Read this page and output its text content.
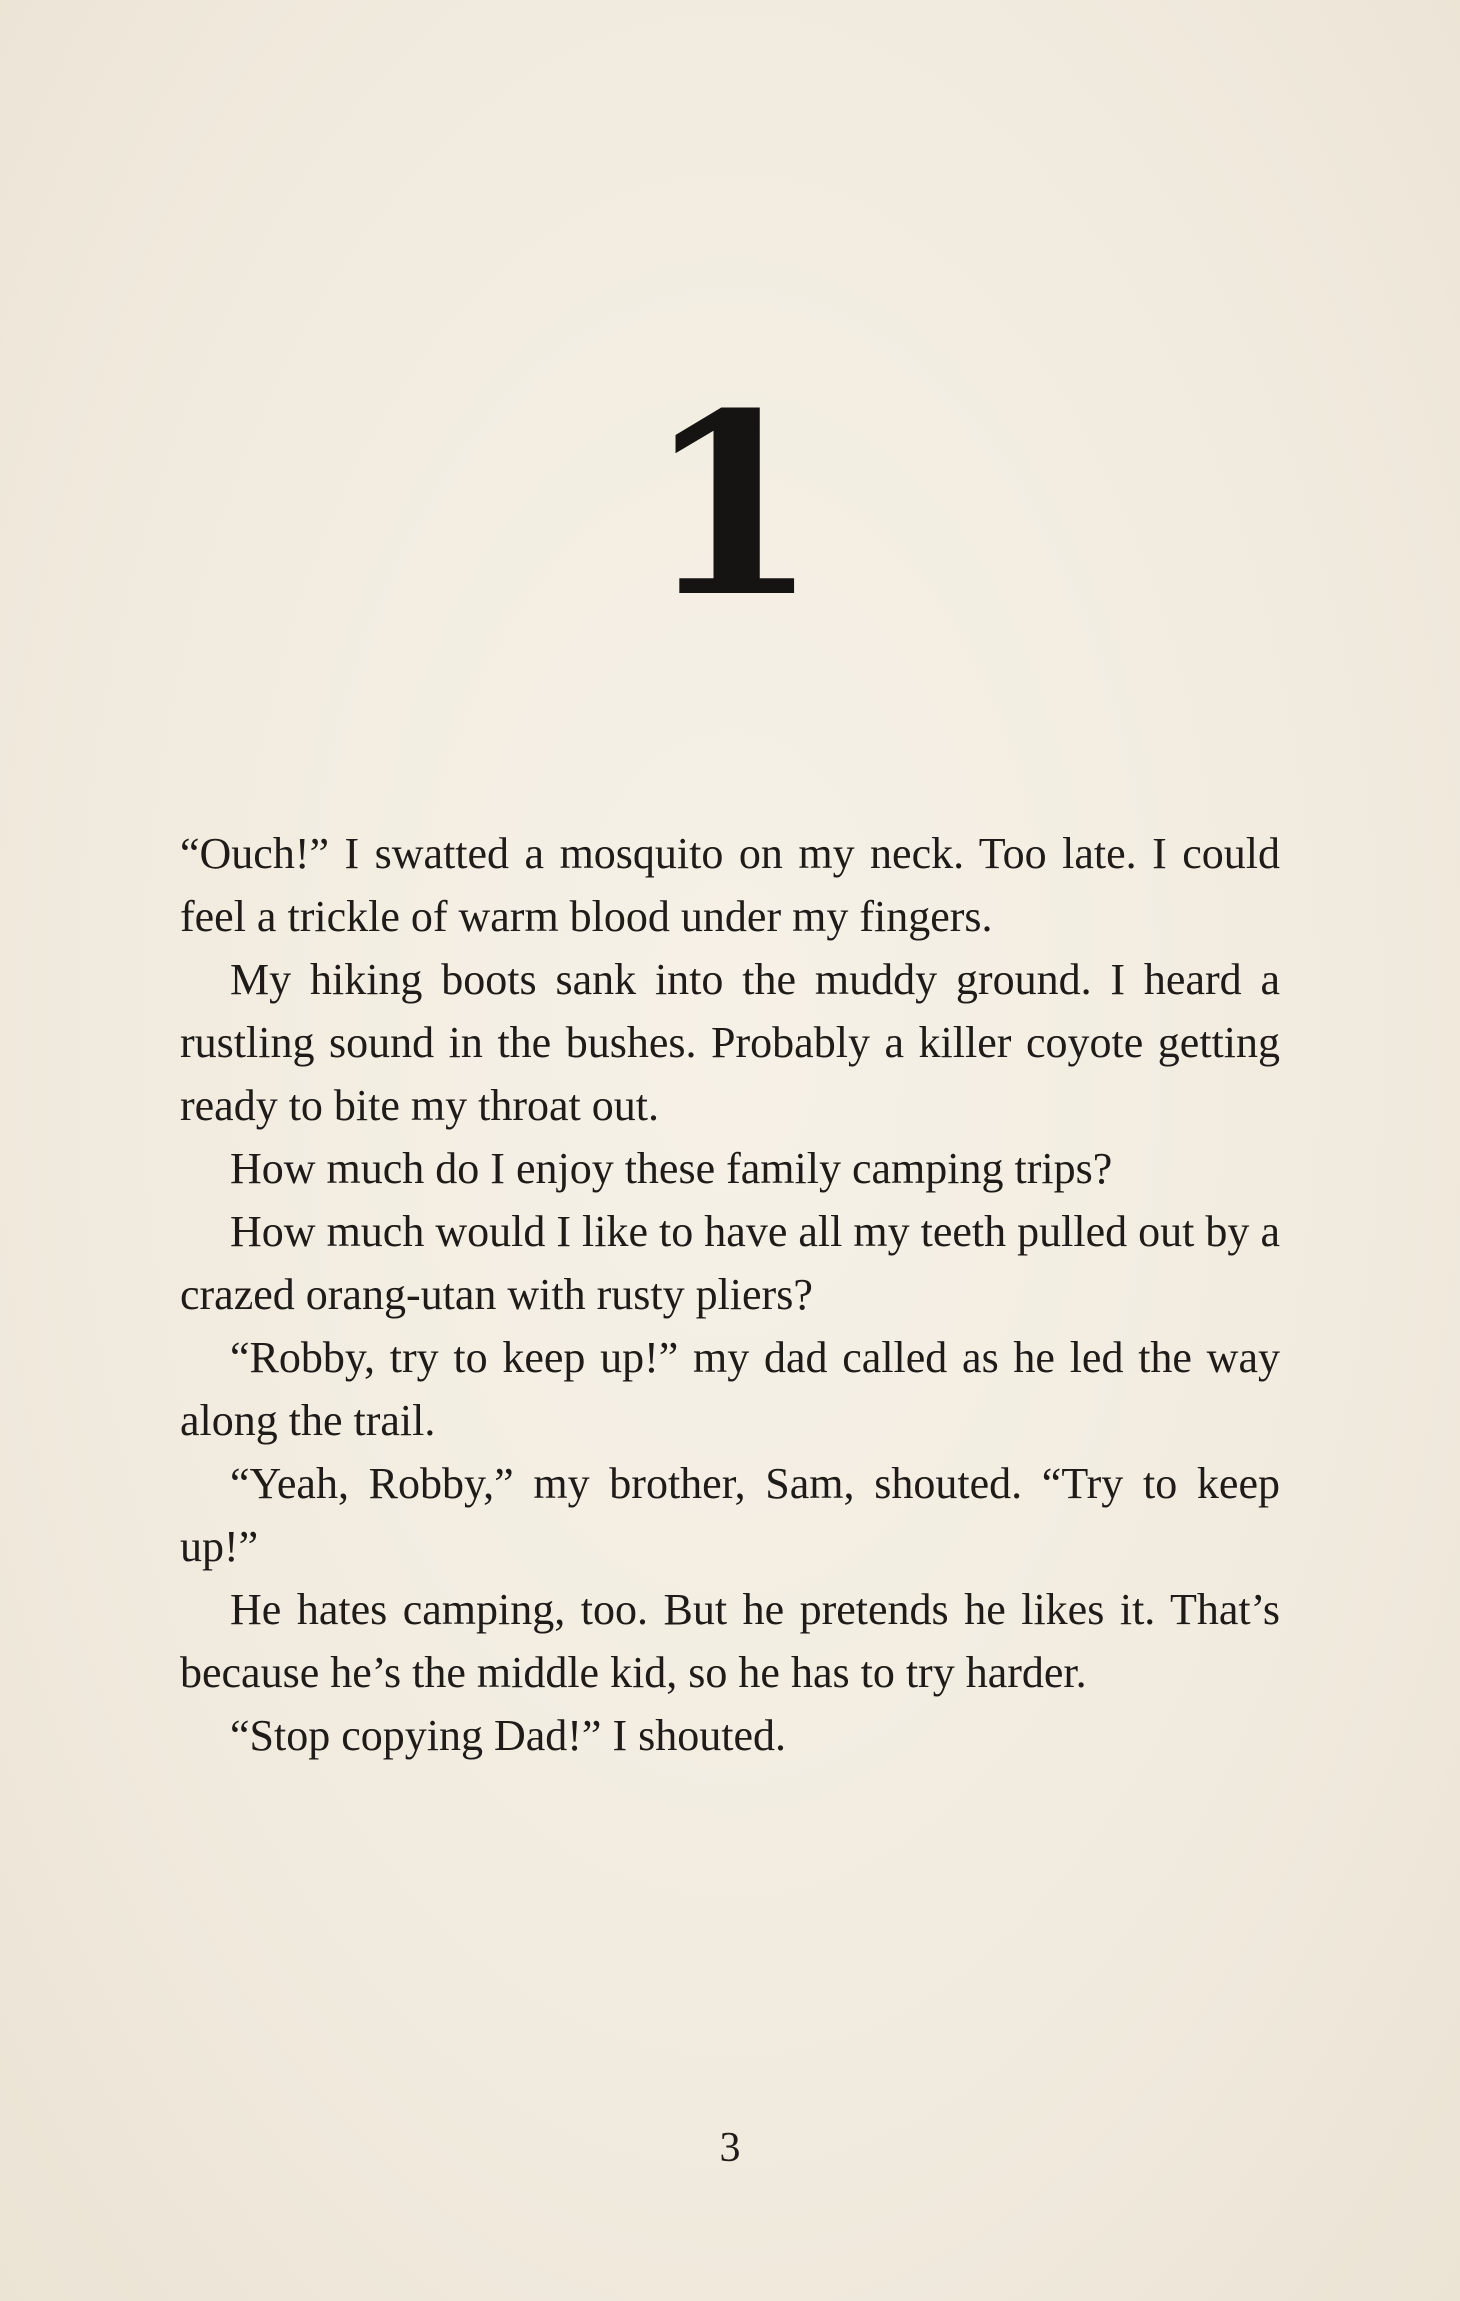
1

“Ouch!” I swatted a mosquito on my neck. Too late. I could feel a trickle of warm blood under my fingers.

My hiking boots sank into the muddy ground. I heard a rustling sound in the bushes. Probably a killer coyote getting ready to bite my throat out.

How much do I enjoy these family camping trips?

How much would I like to have all my teeth pulled out by a crazed orang-utan with rusty pliers?

“Robby, try to keep up!” my dad called as he led the way along the trail.

“Yeah, Robby,” my brother, Sam, shouted. “Try to keep up!”

He hates camping, too. But he pretends he likes it. That’s because he’s the middle kid, so he has to try harder.

“Stop copying Dad!” I shouted.

3
